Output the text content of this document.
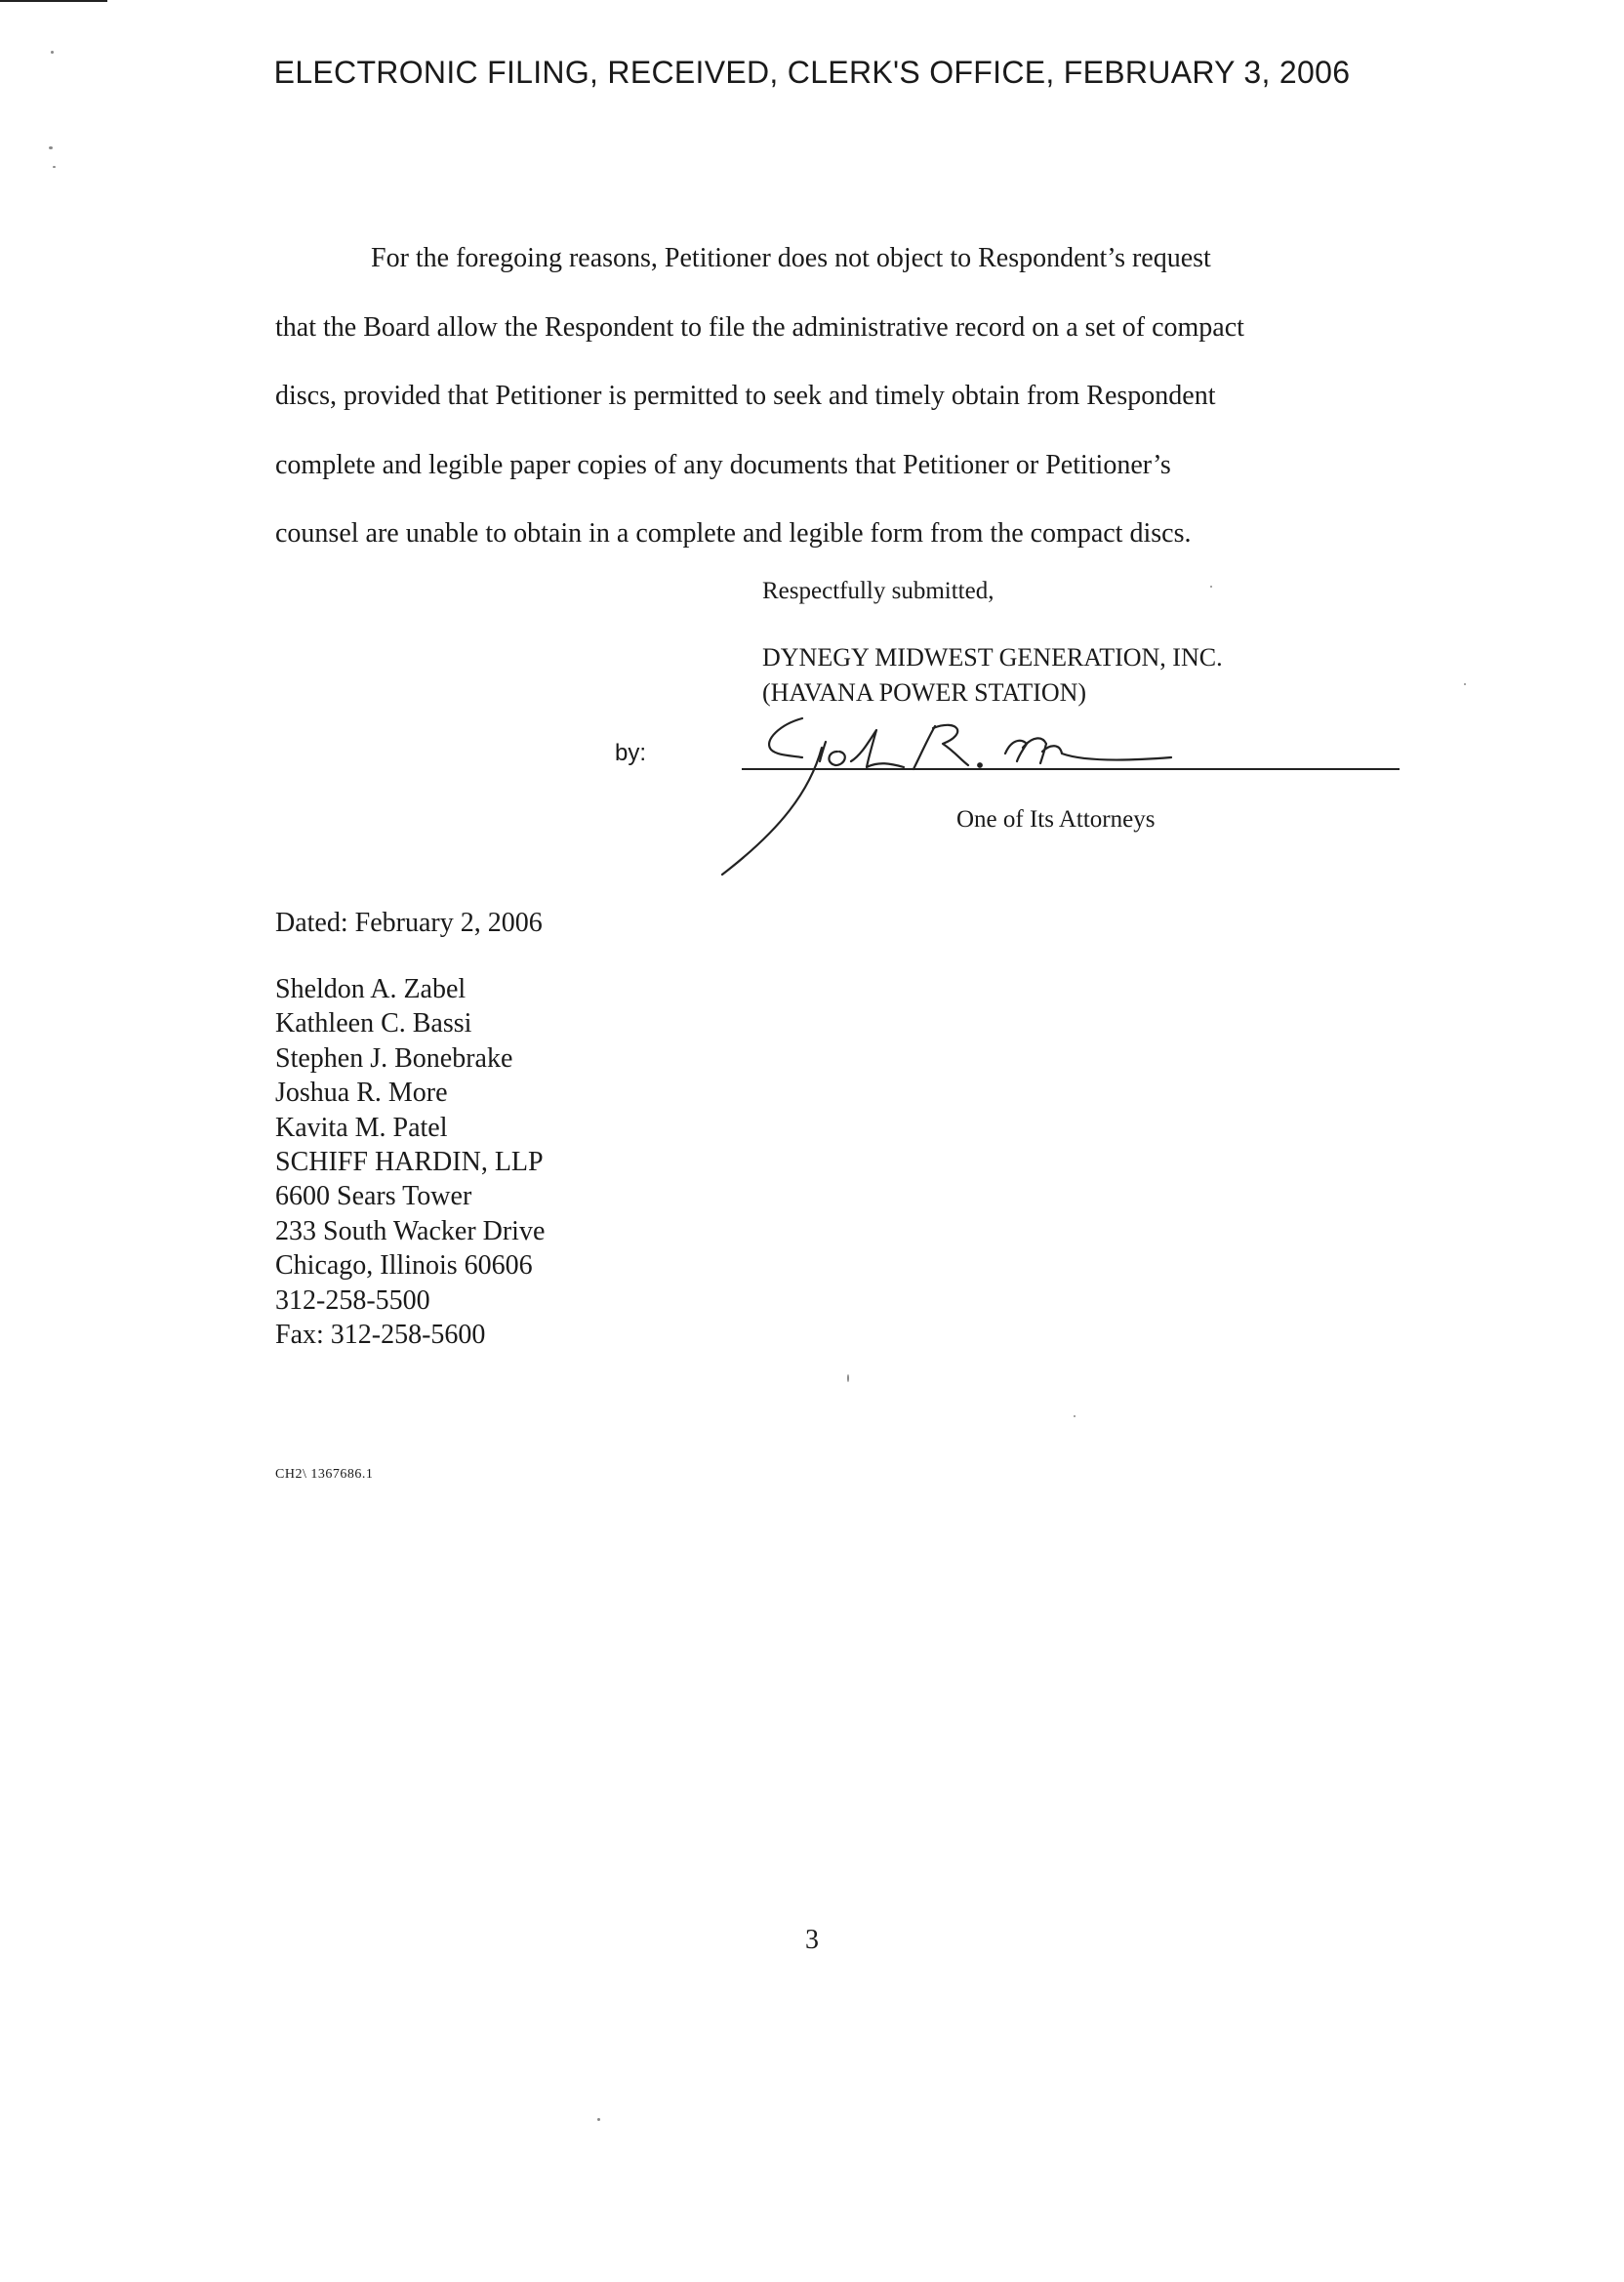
ELECTRONIC FILING, RECEIVED, CLERK'S OFFICE, FEBRUARY 3, 2006
For the foregoing reasons, Petitioner does not object to Respondent’s request
that the Board allow the Respondent to file the administrative record on a set of compact
discs, provided that Petitioner is permitted to seek and timely obtain from Respondent
complete and legible paper copies of any documents that Petitioner or Petitioner’s
counsel are unable to obtain in a complete and legible form from the compact discs.
Respectfully submitted,
DYNEGY MIDWEST GENERATION, INC.
(HAVANA POWER STATION)
by:
One of Its Attorneys
Dated: February 2, 2006
Sheldon A. Zabel
Kathleen C. Bassi
Stephen J. Bonebrake
Joshua R. More
Kavita M. Patel
SCHIFF HARDIN, LLP
6600 Sears Tower
233 South Wacker Drive
Chicago, Illinois 60606
312-258-5500
Fax: 312-258-5600
CH2\ 1367686.1
3
